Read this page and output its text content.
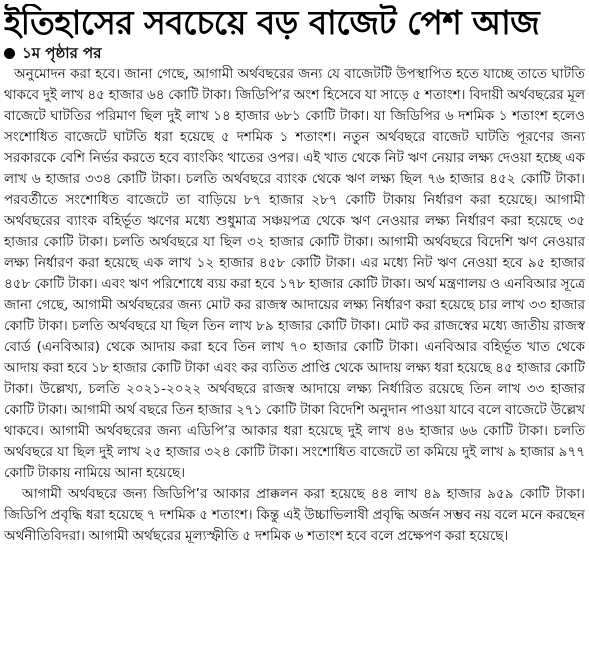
ইতিহাসের সবচেয়ে বড় বাজেট পেশ আজ
১ম পৃষ্ঠার পর

অনুমোদন করা হবে। জানা গেছে, আগামী অর্থবছরের জন্য যে বাজেটটি উপস্থাপিত হতে যাচ্ছে তাতে ঘাটতি থাকবে দুই লাখ ৪৫ হাজার ৬৪ কোটি টাকা। জিডিপি’র অংশ হিসেবে যা সাড়ে ৫ শতাংশ। বিদায়ী অর্থবছরের মূল বাজেটে ঘাটতির পরিমাণ ছিল দুই লাখ ১৪ হাজার ৬৮১ কোটি টাকা। যা জিডিপির ৬ দশমিক ১ শতাংশ হলেও সংশোধিত বাজেটে ঘাটতি ধরা হয়েছে ৫ দশমিক ১ শতাংশ। নতুন অর্থবছরে বাজেট ঘাটতি পূরণের জন্য সরকারকে বেশি নির্ভর করতে হবে ব্যাংকিং খাতের ওপর। এই খাত থেকে নিট ঋণ নেয়ার লক্ষ্য দেওয়া হচ্ছে এক লাখ ৬ হাজার ৩৩৪ কোটি টাকা। চলতি অর্থবছরে ব্যাংক থেকে ঋণ লক্ষ্য ছিল ৭৬ হাজার ৪৫২ কোটি টাকা। পরবর্তীতে সংশোধিত বাজেটে তা বাড়িয়ে ৮৭ হাজার ২৮৭ কোটি টাকায় নির্ধারণ করা হয়েছে। আগামী অর্থবছরের ব্যাংক বহির্ভূত ঋণের মধ্যে শুধুমাত্র সঞ্চয়পত্র থেকে ঋণ নেওয়ার লক্ষ্য নির্ধারণ করা হয়েছে ৩৫ হাজার কোটি টাকা। চলতি অর্থবছরে যা ছিল ৩২ হাজার কোটি টাকা। আগামী অর্থবছরে বিদেশি ঋণ নেওয়ার লক্ষ্য নির্ধারণ করা হয়েছে এক লাখ ১২ হাজার ৪৫৮ কোটি টাকা। এর মধ্যে নিট ঋণ নেওয়া হবে ৯৫ হাজার ৪৫৮ কোটি টাকা। এবং ঋণ পরিশোধে ব্যয় করা হবে ১৭৮ হাজার কোটি টাকা। অর্থ মন্ত্রণালয় ও এনবিআর সূত্রে জানা গেছে, আগামী অর্থবছরের জন্য মোট কর রাজস্ব আদায়ের লক্ষ্য নির্ধারণ করা হয়েছে চার লাখ ৩৩ হাজার কোটি টাকা। চলতি অর্থবছরে যা ছিল তিন লাখ ৮৯ হাজার কোটি টাকা। মোট কর রাজস্বের মধ্যে জাতীয় রাজস্ব বোর্ড (এনবিআর) থেকে আদায় করা হবে তিন লাখ ৭০ হাজার কোটি টাকা। এনবিআর বহির্ভূত খাত থেকে আদায় করা হবে ১৮ হাজার কোটি টাকা এবং কর ব্যতিত প্রাপ্তি থেকে আদায় লক্ষ্য ধরা হয়েছে ৪৫ হাজার কোটি টাকা। উল্লেখ্য, চলতি ২০২১-২০২২ অর্থবছরে রাজস্ব আদায়ে লক্ষ্য নির্ধারিত রয়েছে তিন লাখ ৩৩ হাজার কোটি টাকা। আগামী অর্থ বছরে তিন হাজার ২৭১ কোটি টাকা বিদেশি অনুদান পাওয়া যাবে বলে বাজেটে উল্লেখ থাকবে। আগামী অর্থবছরের জন্য এডিপি’র আকার ধরা হয়েছে দুই লাখ ৪৬ হাজার ৬৬ কোটি টাকা। চলতি অর্থবছরে যা ছিল দুই লাখ ২৫ হাজার ৩২৪ কোটি টাকা। সংশোধিত বাজেটে তা কমিয়ে দুই লাখ ৯ হাজার ৯৭৭ কোটি টাকায় নামিয়ে আনা হয়েছে।

আগামী অর্থবছরে জন্য জিডিপি’র আকার প্রাক্কলন করা হয়েছে ৪৪ লাখ ৪৯ হাজার ৯৫৯ কোটি টাকা। জিডিপি প্রবৃদ্ধি ধরা হয়েছে ৭ দশমিক ৫ শতাংশ। কিন্তু এই উচ্চাভিলাষী প্রবৃদ্ধি অর্জন সম্ভব নয় বলে মনে করছেন অর্থনীতিবিদরা। আগামী অর্থছরের মূল্যস্ফীতি ৫ দশমিক ৬ শতাংশ হবে বলে প্রক্ষেপণ করা হয়েছে।
